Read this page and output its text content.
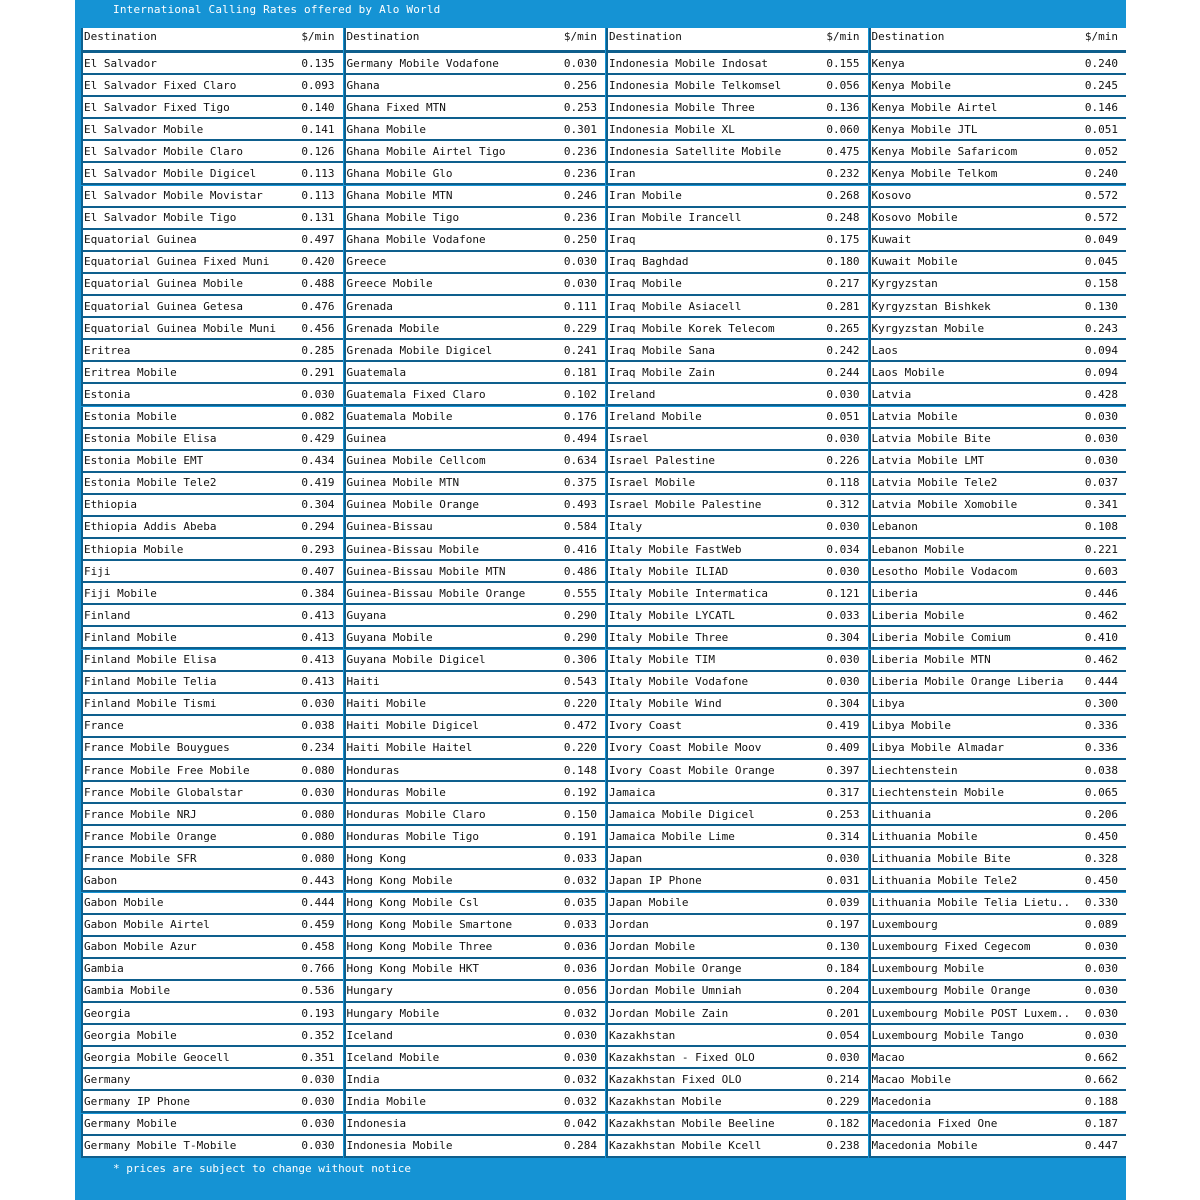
International Calling Rates offered by Alo World
Destination	$/min
El Salvador	0.135
El Salvador Fixed Claro	0.093
El Salvador Fixed Tigo	0.140
El Salvador Mobile	0.141
El Salvador Mobile Claro	0.126
El Salvador Mobile Digicel	0.113
El Salvador Mobile Movistar	0.113
El Salvador Mobile Tigo	0.131
Equatorial Guinea	0.497
Equatorial Guinea Fixed Muni	0.420
Equatorial Guinea Mobile	0.488
Equatorial Guinea Getesa	0.476
Equatorial Guinea Mobile Muni 0.456
Eritrea	0.285
Eritrea Mobile	0.291
Estonia	0.030
Estonia Mobile	0.082
Estonia Mobile Elisa	0.429
Estonia Mobile EMT	0.434
Estonia Mobile Tele2	0.419
Ethiopia	0.304
Ethiopia Addis Abeba	0.294
Ethiopia Mobile	0.293
Fiji	0.407
Fiji Mobile	0.384
Finland	0.413
Finland Mobile	0.413
Finland Mobile Elisa	0.413
Finland Mobile Telia	0.413
Finland Mobile Tismi	0.030
France	0.038
France Mobile Bouygues	0.234
France Mobile Free Mobile	0.080
France Mobile Globalstar	0.030
France Mobile NRJ	0.080
France Mobile Orange	0.080
France Mobile SFR	0.080
Gabon	0.443
Gabon Mobile	0.444
Gabon Mobile Airtel	0.459
Gabon Mobile Azur	0.458
Gambia	0.766
Gambia Mobile	0.536
Georgia	0.193
Georgia Mobile	0.352
Georgia Mobile Geocell	0.351
Germany	0.030
Germany IP Phone	0.030
Germany Mobile	0.030
Germany Mobile T-Mobile	0.030
Destination	$/min
Germany Mobile Vodafone	0.030
Ghana	0.256
Ghana Fixed MTN	0.253
Ghana Mobile	0.301
Ghana Mobile Airtel Tigo	0.236
Ghana Mobile Glo	0.236
Ghana Mobile MTN	0.246
Ghana Mobile Tigo	0.236
Ghana Mobile Vodafone	0.250
Greece	0.030
Greece Mobile	0.030
Grenada	0.111
Grenada Mobile	0.229
Grenada Mobile Digicel	0.241
Guatemala	0.181
Guatemala Fixed Claro	0.102
Guatemala Mobile	0.176
Guinea	0.494
Guinea Mobile Cellcom	0.634
Guinea Mobile MTN	0.375
Guinea Mobile Orange	0.493
Guinea-Bissau	0.584
Guinea-Bissau Mobile	0.416
Guinea-Bissau Mobile MTN	0.486
Guinea-Bissau Mobile Orange	0.555
Guyana	0.290
Guyana Mobile	0.290
Guyana Mobile Digicel	0.306
Haiti	0.543
Haiti Mobile	0.220
Haiti Mobile Digicel	0.472
Haiti Mobile Haitel	0.220
Honduras	0.148
Honduras Mobile	0.192
Honduras Mobile Claro	0.150
Honduras Mobile Tigo	0.191
Hong Kong	0.033
Hong Kong Mobile	0.032
Hong Kong Mobile Csl	0.035
Hong Kong Mobile Smartone	0.033
Hong Kong Mobile Three	0.036
Hong Kong Mobile HKT	0.036
Hungary	0.056
Hungary Mobile	0.032
Iceland	0.030
Iceland Mobile	0.030
India	0.032
India Mobile	0.032
Indonesia	0.042
Indonesia Mobile	0.284
Destination	$/min
Indonesia Mobile Indosat	0.155
Indonesia Mobile Telkomsel	0.056
Indonesia Mobile Three	0.136
Indonesia Mobile XL	0.060
Indonesia Satellite Mobile	0.475
Iran	0.232
Iran Mobile	0.268
Iran Mobile Irancell	0.248
Iraq	0.175
Iraq Baghdad	0.180
Iraq Mobile	0.217
Iraq Mobile Asiacell	0.281
Iraq Mobile Korek Telecom	0.265
Iraq Mobile Sana	0.242
Iraq Mobile Zain	0.244
Ireland	0.030
Ireland Mobile	0.051
Israel	0.030
Israel Palestine	0.226
Israel Mobile	0.118
Israel Mobile Palestine	0.312
Italy	0.030
Italy Mobile FastWeb	0.034
Italy Mobile ILIAD	0.030
Italy Mobile Intermatica	0.121
Italy Mobile LYCATL	0.033
Italy Mobile Three	0.304
Italy Mobile TIM	0.030
Italy Mobile Vodafone	0.030
Italy Mobile Wind	0.304
Ivory Coast	0.419
Ivory Coast Mobile Moov	0.409
Ivory Coast Mobile Orange	0.397
Jamaica	0.317
Jamaica Mobile Digicel	0.253
Jamaica Mobile Lime	0.314
Japan	0.030
Japan IP Phone	0.031
Japan Mobile	0.039
Jordan	0.197
Jordan Mobile	0.130
Jordan Mobile Orange	0.184
Jordan Mobile Umniah	0.204
Jordan Mobile Zain	0.201
Kazakhstan	0.054
Kazakhstan - Fixed OLO	0.030
Kazakhstan Fixed OLO	0.214
Kazakhstan Mobile	0.229
Kazakhstan Mobile Beeline	0.182
Kazakhstan Mobile Kcell	0.238
Destination	$/min
Kenya	0.240
Kenya Mobile	0.245
Kenya Mobile Airtel	0.146
Kenya Mobile JTL	0.051
Kenya Mobile Safaricom	0.052
Kenya Mobile Telkom	0.240
Kosovo	0.572
Kosovo Mobile	0.572
Kuwait	0.049
Kuwait Mobile	0.045
Kyrgyzstan	0.158
Kyrgyzstan Bishkek	0.130
Kyrgyzstan Mobile	0.243
Laos	0.094
Laos Mobile	0.094
Latvia	0.428
Latvia Mobile	0.030
Latvia Mobile Bite	0.030
Latvia Mobile LMT	0.030
Latvia Mobile Tele2	0.037
Latvia Mobile Xomobile	0.341
Lebanon	0.108
Lebanon Mobile	0.221
Lesotho Mobile Vodacom	0.603
Liberia	0.446
Liberia Mobile	0.462
Liberia Mobile Comium	0.410
Liberia Mobile MTN	0.462
Liberia Mobile Orange Liberia 0.444
Libya	0.300
Libya Mobile	0.336
Libya Mobile Almadar	0.336
Liechtenstein	0.038
Liechtenstein Mobile	0.065
Lithuania	0.206
Lithuania Mobile	0.450
Lithuania Mobile Bite	0.328
Lithuania Mobile Tele2	0.450
Lithuania Mobile Telia Lietu.. 0.330
Luxembourg	0.089
Luxembourg Fixed Cegecom	0.030
Luxembourg Mobile	0.030
Luxembourg Mobile Orange	0.030
Luxembourg Mobile POST Luxem.. 0.030
Luxembourg Mobile Tango	0.030
Macao	0.662
Macao Mobile	0.662
Macedonia	0.188
Macedonia Fixed One	0.187
Macedonia Mobile	0.447
* prices are subject to change without notice
